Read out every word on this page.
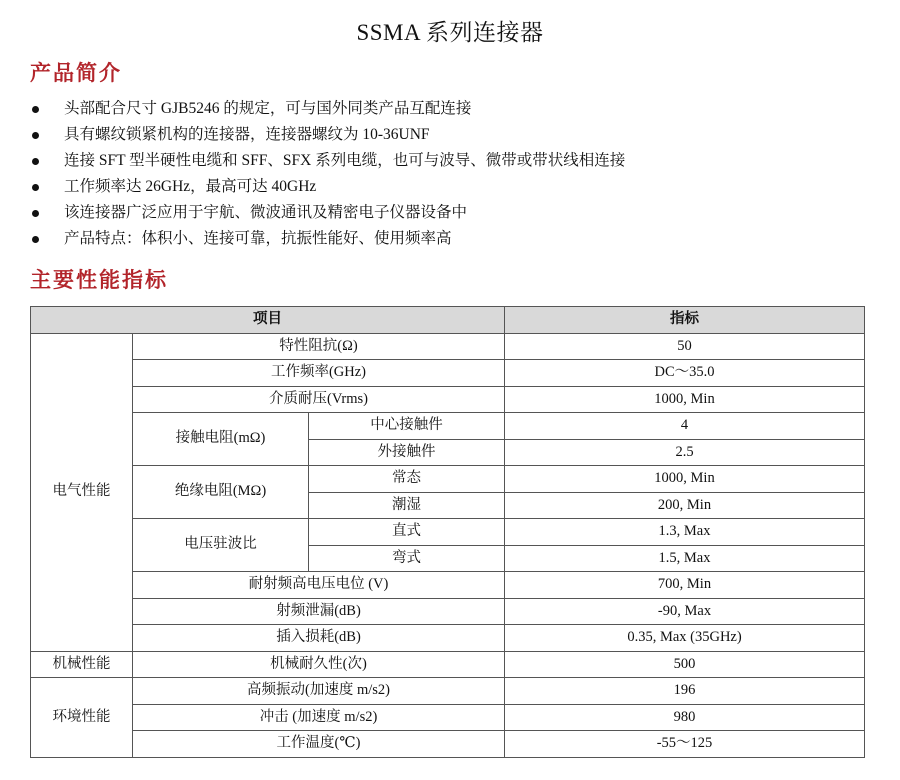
SSMA 系列连接器
产品简介
头部配合尺寸 GJB5246 的规定，可与国外同类产品互配连接
具有螺纹锁紧机构的连接器，连接器螺纹为 10-36UNF
连接 SFT 型半硬性电缆和 SFF、SFX 系列电缆，也可与波导、微带或带状线相连接
工作频率达 26GHz，最高可达 40GHz
该连接器广泛应用于宇航、微波通讯及精密电子仪器设备中
产品特点：体积小、连接可靠，抗振性能好、使用频率高
主要性能指标
项目			指标
电气性能	特性阻抗(Ω)		50
	工作频率(GHz)		DC～35.0
	介质耐压(Vrms)		1000, Min
	接触电阻(mΩ)	中心接触件	4
		外接触件	2.5
	绝缘电阻(MΩ)	常态	1000, Min
		潮湿	200, Min
	电压驻波比	直式	1.3, Max
		弯式	1.5, Max
	耐射频高电压电位 (V)		700, Min
	射频泄漏(dB)		-90, Max
	插入损耗(dB)		0.35, Max (35GHz)
机械性能	机械耐久性(次)		500
环境性能	高频振动(加速度 m/s2)		196
	冲击 (加速度 m/s2)		980
	工作温度(℃)		-55～125
